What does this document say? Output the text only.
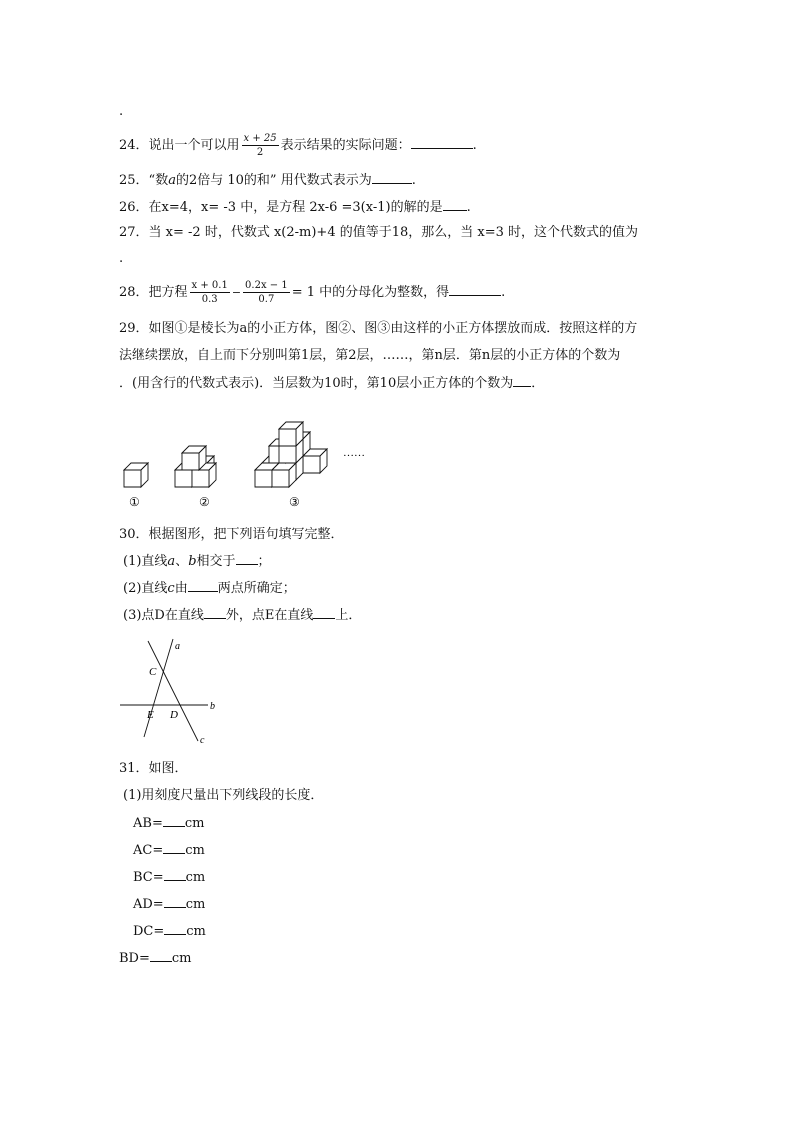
.
24．说出一个可以用 $\frac{x + 25}{2}$ 表示结果的实际问题：	.
25．“数a的2倍与 10的和” 用代数式表示为	.
26．在x=4，x= -3 中，是方程 2x-6 =3(x-1)的解的是 .
27．当 x= -2 时，代数式 x(2-m)+4 的值等于18，那么，当 x=3 时，这个代数式的值为
.
28．把方程 $\frac{x + 0.1}{0.3} - \frac{0.2x - 1}{0.7} = 1$ 中的分母化为整数，得	.
29．如图①是棱长为a的小正方体，图②、图③由这样的小正方体摆放而成．按照这样的方
法继续摆放，自上而下分别叫第1层，第2层，……，第n层．第n层的小正方体的个数为
．(用含行的代数式表示)．当层数为10时，第10层小正方体的个数为 ．
①	②	③
……
30．根据图形，把下列语句填写完整．
(1)直线a、b相交于 ；
(2)直线c由 两点所确定；
(3)点D在直线 外，点E在直线 上．
a
C
E D
b
c
31．如图．
(1)用刻度尺量出下列线段的长度．
AB= cm
AC= cm
BC= cm
AD= cm
DC= cm
BD= cm
